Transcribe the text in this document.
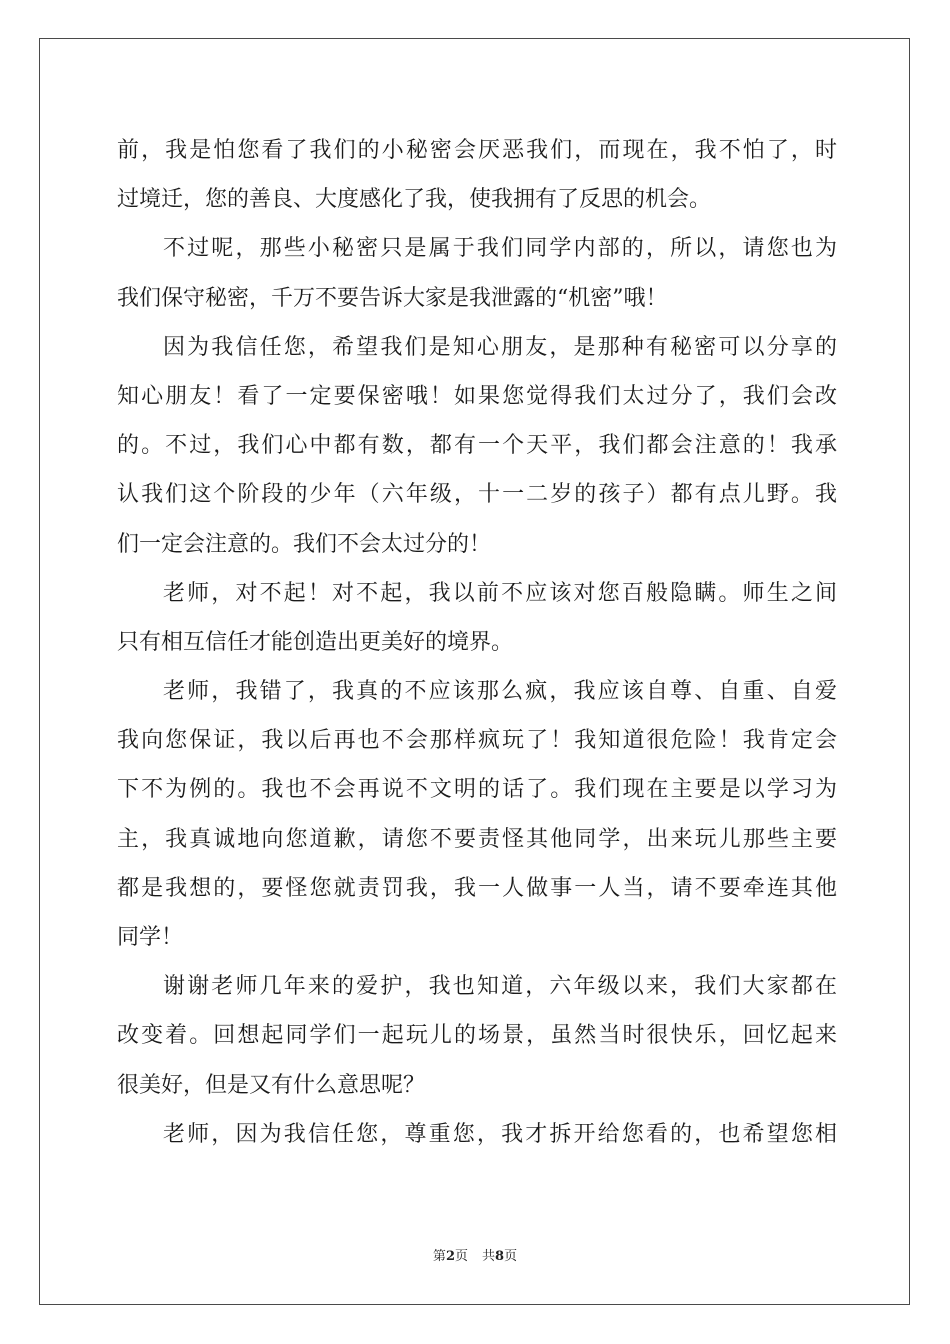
前，我是怕您看了我们的小秘密会厌恶我们，而现在，我不怕了，时
过境迁，您的善良、大度感化了我，使我拥有了反思的机会。
不过呢，那些小秘密只是属于我们同学内部的，所以，请您也为
我们保守秘密，千万不要告诉大家是我泄露的“机密”哦！
因为我信任您，希望我们是知心朋友，是那种有秘密可以分享的
知心朋友！看了一定要保密哦！如果您觉得我们太过分了，我们会改
的。不过，我们心中都有数，都有一个天平，我们都会注意的！我承
认我们这个阶段的少年（六年级，十一二岁的孩子）都有点儿野。我
们一定会注意的。我们不会太过分的！
老师，对不起！对不起，我以前不应该对您百般隐瞒。师生之间
只有相互信任才能创造出更美好的境界。
老师，我错了，我真的不应该那么疯，我应该自尊、自重、自爱
我向您保证，我以后再也不会那样疯玩了！我知道很危险！我肯定会
下不为例的。我也不会再说不文明的话了。我们现在主要是以学习为
主，我真诚地向您道歉，请您不要责怪其他同学，出来玩儿那些主要
都是我想的，要怪您就责罚我，我一人做事一人当，请不要牵连其他
同学！
谢谢老师几年来的爱护，我也知道，六年级以来，我们大家都在
改变着。回想起同学们一起玩儿的场景，虽然当时很快乐，回忆起来
很美好，但是又有什么意思呢？
老师，因为我信任您，尊重您，我才拆开给您看的，也希望您相
第2页 共8页
